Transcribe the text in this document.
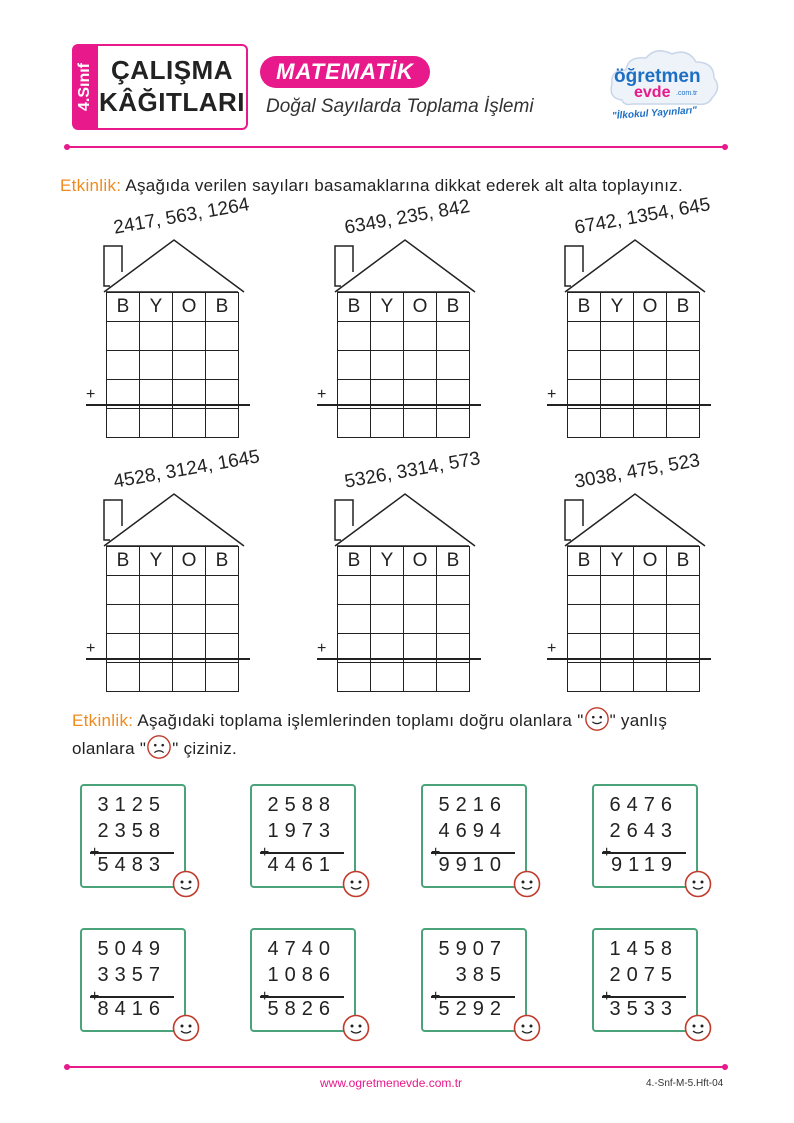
4.Sınıf ÇALIŞMA
KÂĞITLARI
MATEMATİK
Doğal Sayılarda Toplama İşlemi
öğretmen
evde .com.tr
"İlkokul Yayınları"
Etkinlik: Aşağıda verilen sayıları basamaklarına dikkat ederek alt alta toplayınız.
2417, 563, 1264
B	Y	O	B

+
6349, 235, 842
B	Y	O	B

+
6742, 1354, 645
B	Y	O	B

+
4528, 3124, 1645
B	Y	O	B

+
5326, 3314, 573
B	Y	O	B

+
3038, 475, 523
B	Y	O	B

+
Etkinlik: Aşağıdaki toplama işlemlerinden toplamı doğru olanlara " " yanlış
olanlara " " çiziniz.
3125
2358
5483
2588
1973
4461
5216
4694
9910
6476
2643
9119
5049
3357
8416
4740
1086
5826
5907
385
5292
1458
2075
3533
www.ogretmenevde.com.tr	4.-Snf-M-5.Hft-04
